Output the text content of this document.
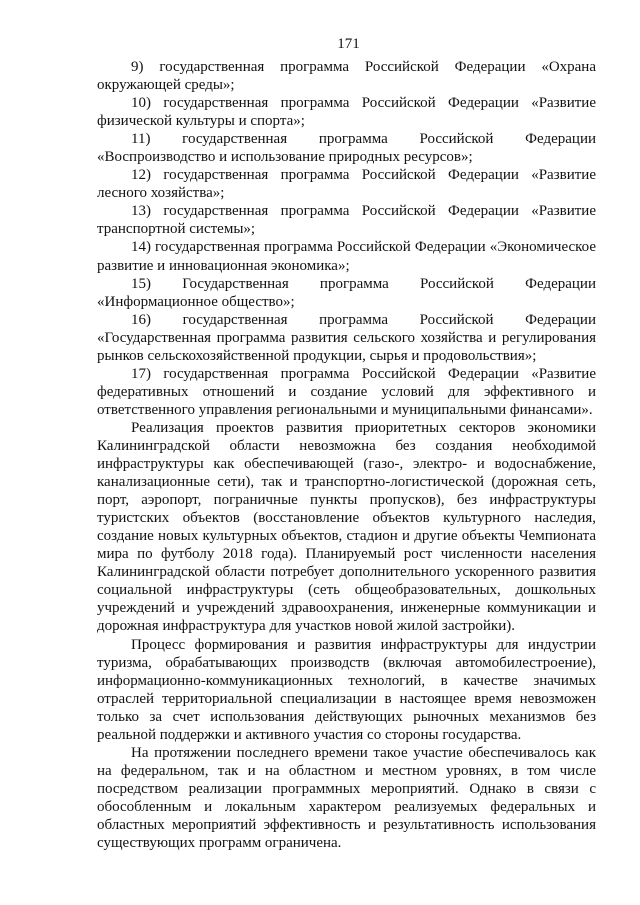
171

9) государственная программа Российской Федерации «Охрана окружающей среды»;

10) государственная программа Российской Федерации «Развитие физической культуры и спорта»;

11) государственная программа Российской Федерации «Воспроизводство и использование природных ресурсов»;

12) государственная программа Российской Федерации «Развитие лесного хозяйства»;

13) государственная программа Российской Федерации «Развитие транспортной системы»;

14) государственная программа Российской Федерации «Экономическое развитие и инновационная экономика»;

15) Государственная программа Российской Федерации «Информационное общество»;

16) государственная программа Российской Федерации «Государственная программа развития сельского хозяйства и регулирования рынков сельскохозяйственной продукции, сырья и продовольствия»;

17) государственная программа Российской Федерации «Развитие федеративных отношений и создание условий для эффективного и ответственного управления региональными и муниципальными финансами».

Реализация проектов развития приоритетных секторов экономики Калининградской области невозможна без создания необходимой инфраструктуры как обеспечивающей (газо-, электро- и водоснабжение, канализационные сети), так и транспортно-логистической (дорожная сеть, порт, аэропорт, пограничные пункты пропусков), без инфраструктуры туристских объектов (восстановление объектов культурного наследия, создание новых культурных объектов, стадион и другие объекты Чемпионата мира по футболу 2018 года). Планируемый рост численности населения Калининградской области потребует дополнительного ускоренного развития социальной инфраструктуры (сеть общеобразовательных, дошкольных учреждений и учреждений здравоохранения, инженерные коммуникации и дорожная инфраструктура для участков новой жилой застройки).

Процесс формирования и развития инфраструктуры для индустрии туризма, обрабатывающих производств (включая автомобилестроение), информационно-коммуникационных технологий, в качестве значимых отраслей территориальной специализации в настоящее время невозможен только за счет использования действующих рыночных механизмов без реальной поддержки и активного участия со стороны государства.

На протяжении последнего времени такое участие обеспечивалось как на федеральном, так и на областном и местном уровнях, в том числе посредством реализации программных мероприятий. Однако в связи с обособленным и локальным характером реализуемых федеральных и областных мероприятий эффективность и результативность использования существующих программ ограничена.
